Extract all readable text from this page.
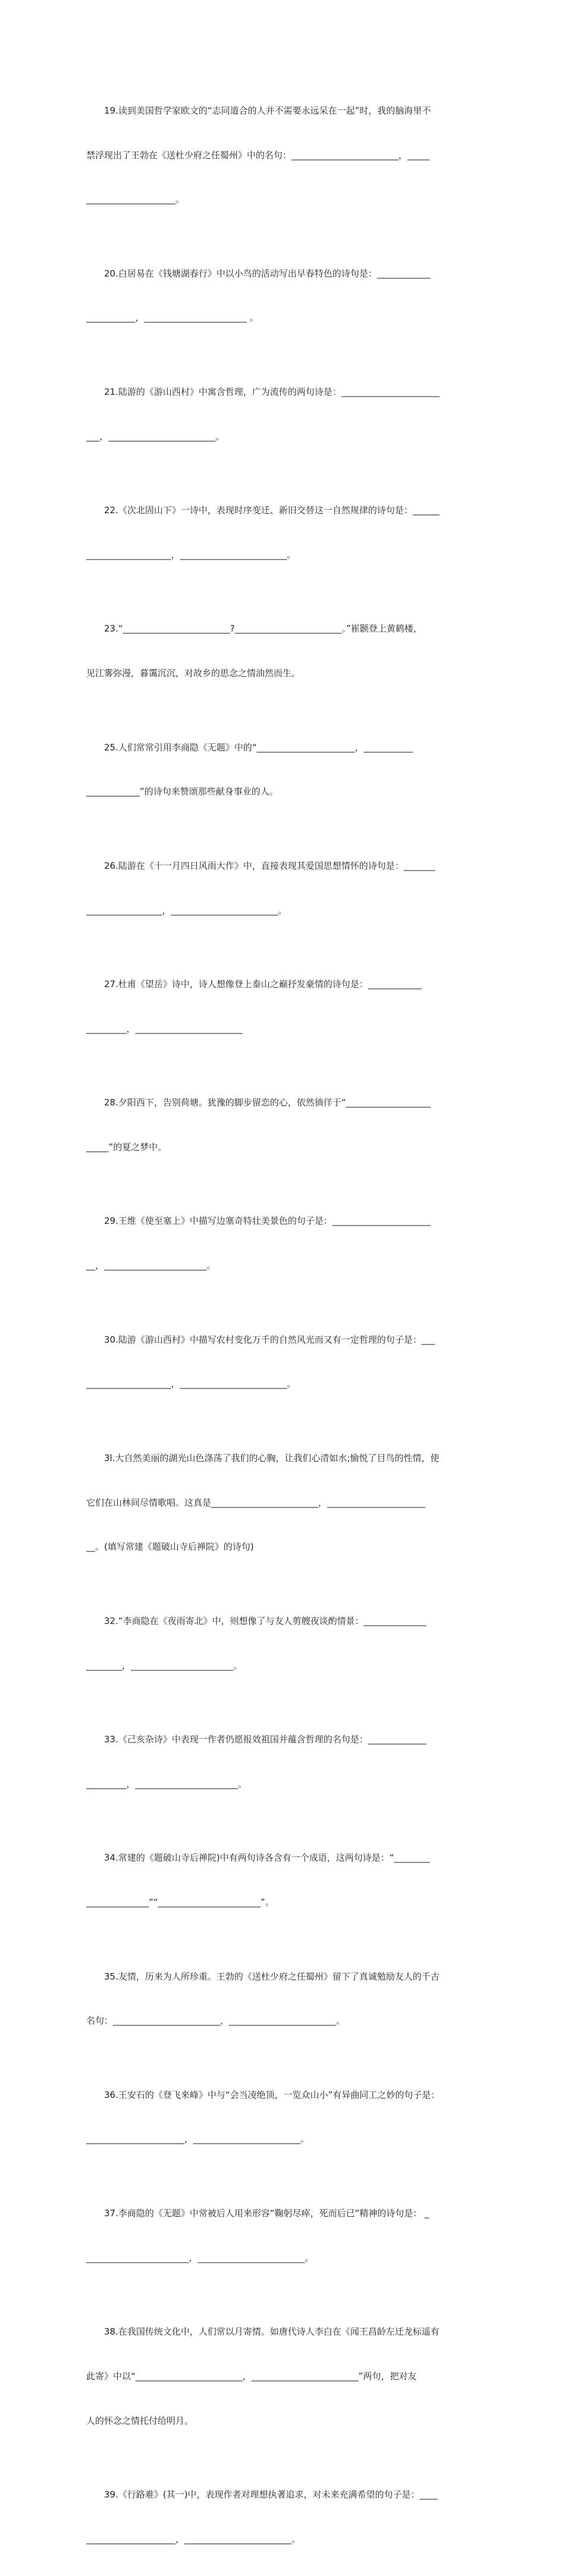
19.读到美国哲学家欧文的“志同道合的人并不需要永远呆在一起”时，我的脑海里不

禁浮现出了王勃在《送杜少府之任蜀州》中的名句：________________________，_____

____________________。

20.白居易在《钱塘湖春行》中以小鸟的活动写出早春特色的诗句是：____________

___________，_______________________ 。

21.陆游的《游山西村》中寓含哲理，广为流传的两句诗是：______________________

___，________________________。

22.《次北固山下》一诗中，表现时序变迁、新旧交替这一自然规律的诗句是：______

___________________，________________________。

23.“________________________?________________________。”崔颢登上黄鹤楼，

见江雾弥漫，暮霭沉沉，对故乡的思念之情油然而生。

25.人们常常引用李商隐《无题》中的“______________________，___________

____________”的诗句来赞颂那些献身事业的人。

26.陆游在《十一月四日风雨大作》中，直接表现其爱国思想情怀的诗句是：_______

_________________，________________________。

27.杜甫《望岳》诗中，诗人想像登上泰山之巅抒发豪情的诗句是：____________

_________，________________________

28.夕阳西下，告别荷塘。犹豫的脚步留恋的心，依然徜徉于“___________________

_____”的夏之梦中。

29.王维《使至塞上》中描写边塞奇特壮美景色的句子是：______________________

__，_______________________。

30.陆游《游山西村》中描写农村变化万千的自然风光而又有一定哲理的句子是：___

___________________，________________________。

3l.大自然美丽的湖光山色涤荡了我们的心胸，让我们心清如水;愉悦了目鸟的性情，使

它们在山林间尽情歌唱。这真是________________________，______________________

__。(填写常建《题破山寺后禅院》的诗句)

32.”李商隐在《夜雨寄北》中，则想像了与友人剪艘夜谈酌情景：______________

________，_______________________。

33.《己亥杂诗》中表现一作者仍愿报效祖国并蕴含哲理的名句是：_____________

_________，_______________________。

34.常建的《题破山寺后禅院)中有两句诗各含有一个成语，这两句诗是：“________

______________”“_______________________”。

35.友情，历来为人所珍重。王勃的《送杜少府之任蜀州》留下了真诚勉励友人的千古

名句：________________________，________________________。

36.王安石的《登飞来峰》中与“会当凌绝顶，一览众山小”有异曲同工之妙的句子是：

______________________，________________________。

37.李商隐的《无题》中常被后人用来形容“鞠躬尽瘁，死而后已”精神的诗句是： _

_______________________，________________________。

38.在我国传统文化中，人们常以月寄情。如唐代诗人李白在《闻王昌龄左迁龙标遥有

此寄》中以“________________________，________________________”两句，把对友

人的怀念之情托付给明月。

39.《行路难》(其一)中，表现作者对理想执著追求，对未来充满希望的句子是：____

____________________，________________________。
